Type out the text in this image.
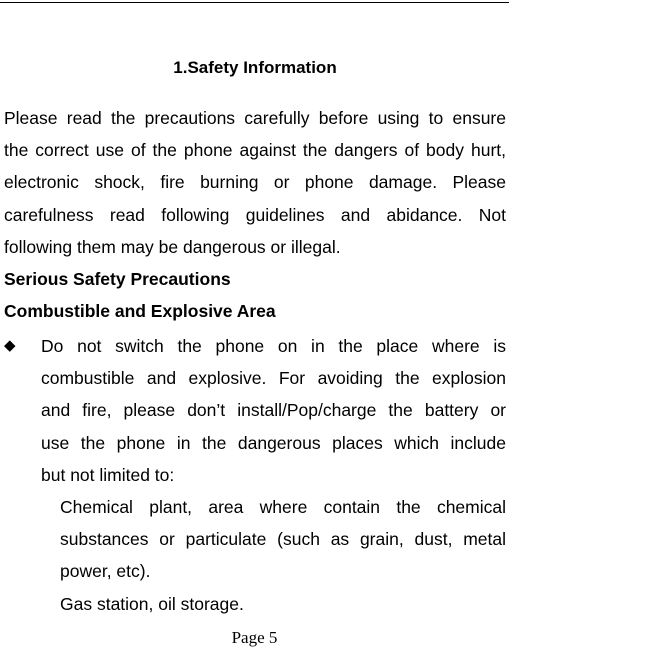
1.Safety Information
Please read the precautions carefully before using to ensure
the correct use of the phone against the dangers of body hurt,
electronic shock, fire burning or phone damage. Please
carefulness read following guidelines and abidance. Not
following them may be dangerous or illegal.
Serious Safety Precautions
Combustible and Explosive Area
◆ Do not switch the phone on in the place where is
combustible and explosive. For avoiding the explosion
and fire, please don’t install/Pop/charge the battery or
use the phone in the dangerous places which include
but not limited to:
Chemical plant, area where contain the chemical
substances or particulate (such as grain, dust, metal
power, etc).
Gas station, oil storage.
Page 5
